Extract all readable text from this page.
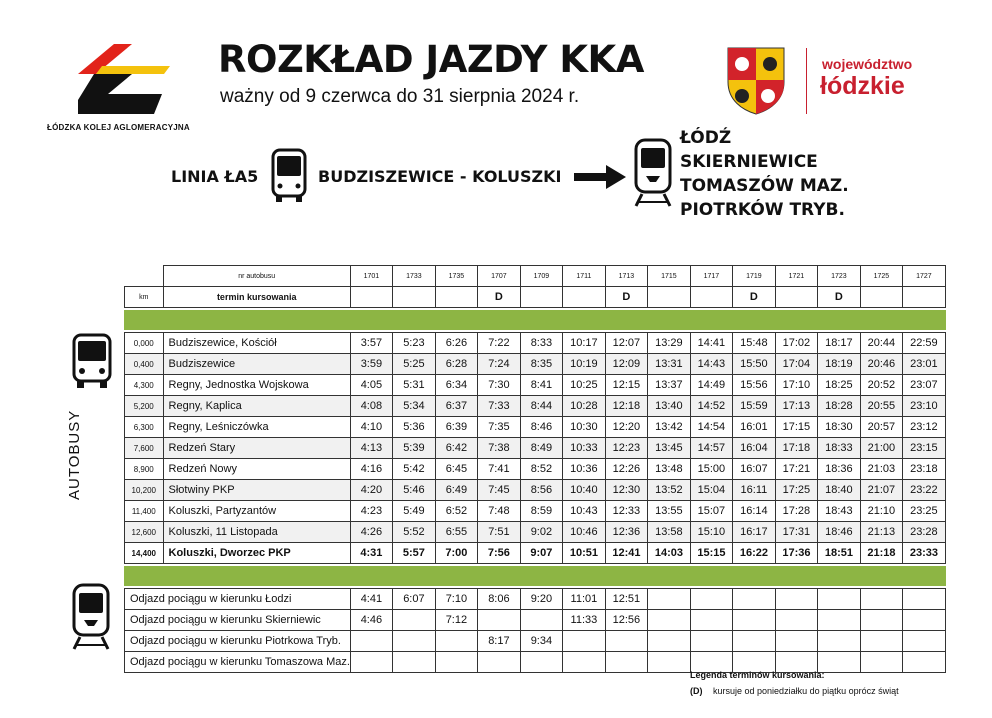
ŁÓDZKA KOLEJ AGLOMERACYJNA
ROZKŁAD JAZDY KKA
ważny od 9 czerwca do 31 sierpnia 2024 r.
województwo
łódzkie
LINIA ŁA5	BUDZISZEWICE - KOLUSZKI
ŁÓDŹ
SKIERNIEWICE
TOMASZÓW MAZ.
PIOTRKÓW TRYB.
AUTOBUSY
	nr autobusu	1701	1733	1735	1707	1709	1711	1713	1715	1717	1719	1721	1723	1725	1727
km	termin kursowania				D			D			D		D		

0,000	Budziszewice, Kościół	3:57	5:23	6:26	7:22	8:33	10:17	12:07	13:29	14:41	15:48	17:02	18:17	20:44	22:59
0,400	Budziszewice	3:59	5:25	6:28	7:24	8:35	10:19	12:09	13:31	14:43	15:50	17:04	18:19	20:46	23:01
4,300	Regny, Jednostka Wojskowa	4:05	5:31	6:34	7:30	8:41	10:25	12:15	13:37	14:49	15:56	17:10	18:25	20:52	23:07
5,200	Regny, Kaplica	4:08	5:34	6:37	7:33	8:44	10:28	12:18	13:40	14:52	15:59	17:13	18:28	20:55	23:10
6,300	Regny, Leśniczówka	4:10	5:36	6:39	7:35	8:46	10:30	12:20	13:42	14:54	16:01	17:15	18:30	20:57	23:12
7,600	Redzeń Stary	4:13	5:39	6:42	7:38	8:49	10:33	12:23	13:45	14:57	16:04	17:18	18:33	21:00	23:15
8,900	Redzeń Nowy	4:16	5:42	6:45	7:41	8:52	10:36	12:26	13:48	15:00	16:07	17:21	18:36	21:03	23:18
10,200	Słotwiny PKP	4:20	5:46	6:49	7:45	8:56	10:40	12:30	13:52	15:04	16:11	17:25	18:40	21:07	23:22
11,400	Koluszki, Partyzantów	4:23	5:49	6:52	7:48	8:59	10:43	12:33	13:55	15:07	16:14	17:28	18:43	21:10	23:25
12,600	Koluszki, 11 Listopada	4:26	5:52	6:55	7:51	9:02	10:46	12:36	13:58	15:10	16:17	17:31	18:46	21:13	23:28
14,400	Koluszki, Dworzec PKP	4:31	5:57	7:00	7:56	9:07	10:51	12:41	14:03	15:15	16:22	17:36	18:51	21:18	23:33

Odjazd pociągu w kierunku Łodzi		4:41	6:07	7:10	8:06	9:20	11:01	12:51							
Odjazd pociągu w kierunku Skierniewic		4:46		7:12			11:33	12:56							
Odjazd pociągu w kierunku Piotrkowa Tryb.					8:17	9:34									
Odjazd pociągu w kierunku Tomaszowa Maz.															
Legenda terminów kursowania:
(D) kursuje od poniedziałku do piątku oprócz świąt
